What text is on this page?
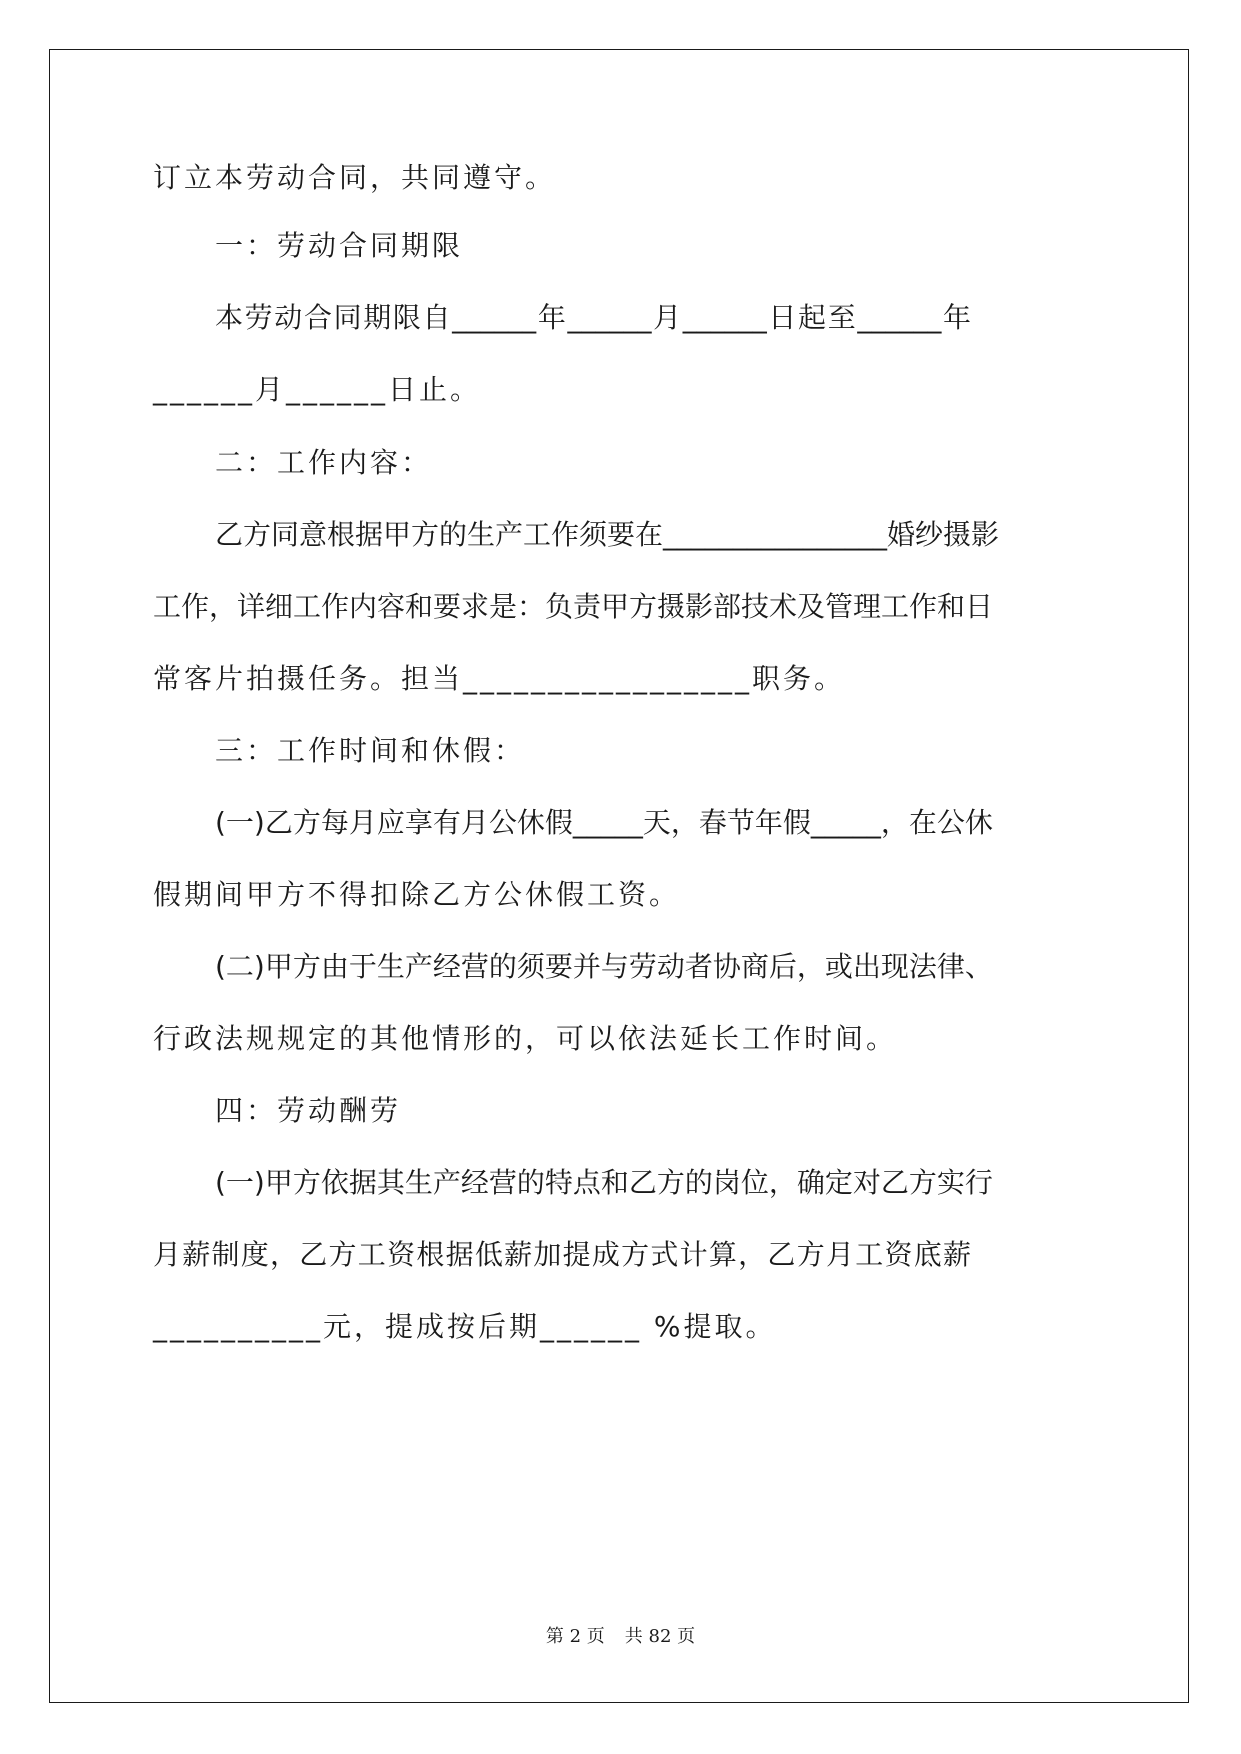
订立本劳动合同，共同遵守。

一：劳动合同期限

本劳动合同期限自______年______月______日起至______年

______月______日止。

二：工作内容：

乙方同意根据甲方的生产工作须要在________________婚纱摄影

工作，详细工作内容和要求是：负责甲方摄影部技术及管理工作和日

常客片拍摄任务。担当_________________职务。

三：工作时间和休假：

(一)乙方每月应享有月公休假_____天，春节年假_____，在公休

假期间甲方不得扣除乙方公休假工资。

(二)甲方由于生产经营的须要并与劳动者协商后，或出现法律、

行政法规规定的其他情形的，可以依法延长工作时间。

四：劳动酬劳

(一)甲方依据其生产经营的特点和乙方的岗位，确定对乙方实行

月薪制度，乙方工资根据低薪加提成方式计算，乙方月工资底薪

__________元，提成按后期______ %提取。

第 2 页 共 82 页
